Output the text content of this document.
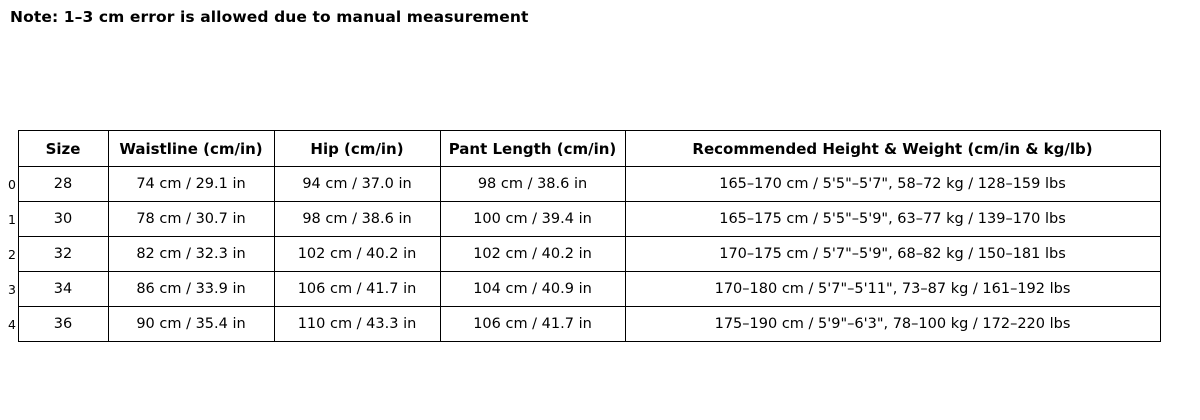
Note: 1–3 cm error is allowed due to manual measurement
	Size	Waistline (cm/in)	Hip (cm/in)	Pant Length (cm/in)	Recommended Height & Weight (cm/in & kg/lb)
0	28	74 cm / 29.1 in	94 cm / 37.0 in	98 cm / 38.6 in	165–170 cm / 5'5"–5'7", 58–72 kg / 128–159 lbs
1	30	78 cm / 30.7 in	98 cm / 38.6 in	100 cm / 39.4 in	165–175 cm / 5'5"–5'9", 63–77 kg / 139–170 lbs
2	32	82 cm / 32.3 in	102 cm / 40.2 in	102 cm / 40.2 in	170–175 cm / 5'7"–5'9", 68–82 kg / 150–181 lbs
3	34	86 cm / 33.9 in	106 cm / 41.7 in	104 cm / 40.9 in	170–180 cm / 5'7"–5'11", 73–87 kg / 161–192 lbs
4	36	90 cm / 35.4 in	110 cm / 43.3 in	106 cm / 41.7 in	175–190 cm / 5'9"–6'3", 78–100 kg / 172–220 lbs
